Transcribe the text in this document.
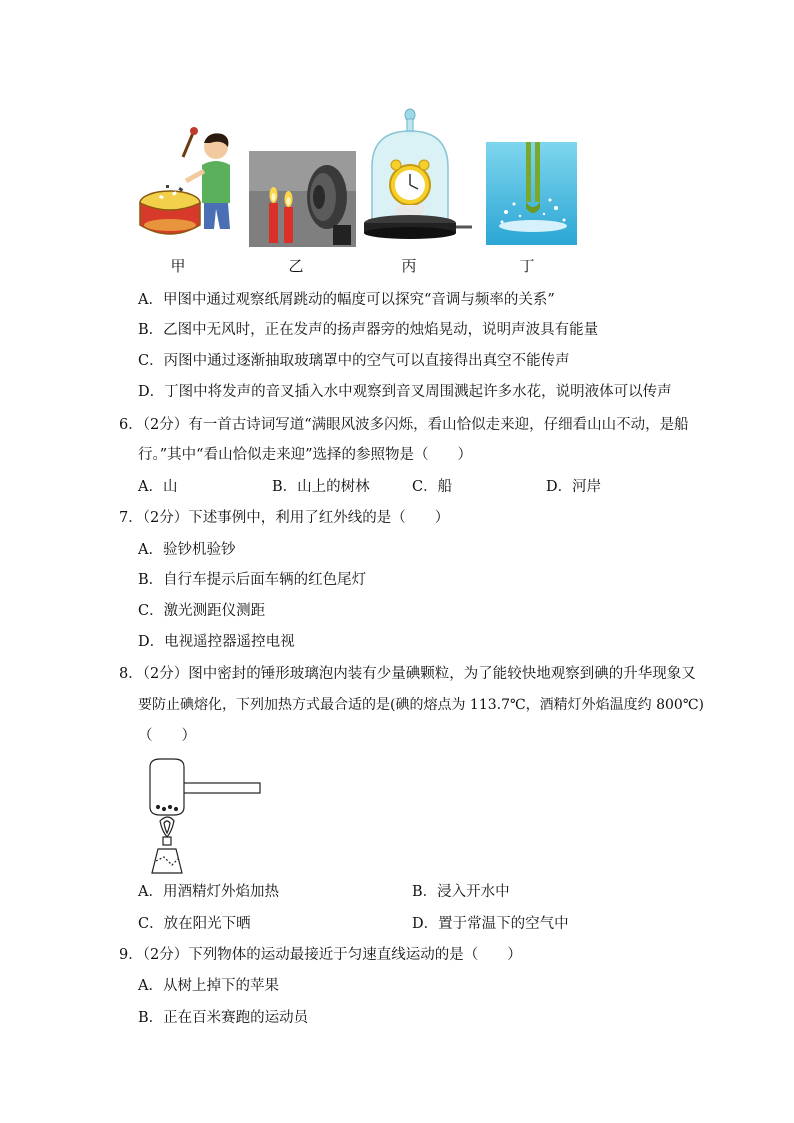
甲	乙	丙	丁
A．甲图中通过观察纸屑跳动的幅度可以探究“音调与频率的关系”
B．乙图中无风时，正在发声的扬声器旁的烛焰晃动，说明声波具有能量
C．丙图中通过逐渐抽取玻璃罩中的空气可以直接得出真空不能传声
D．丁图中将发声的音叉插入水中观察到音叉周围溅起许多水花，说明液体可以传声
6．（2分）有一首古诗词写道“满眼风波多闪烁，看山恰似走来迎，仔细看山山不动，是船
行。”其中“看山恰似走来迎”选择的参照物是（　　）
A．山	B．山上的树林	C．船	D．河岸
7．（2分）下述事例中，利用了红外线的是（　　）
A．验钞机验钞
B．自行车提示后面车辆的红色尾灯
C．激光测距仪测距
D．电视遥控器遥控电视
8．（2分）图中密封的锤形玻璃泡内装有少量碘颗粒，为了能较快地观察到碘的升华现象又
要防止碘熔化，下列加热方式最合适的是(碘的熔点为 113.7℃，酒精灯外焰温度约 800℃)
（　　）
A．用酒精灯外焰加热	B．浸入开水中
C．放在阳光下晒	D．置于常温下的空气中
9．（2分）下列物体的运动最接近于匀速直线运动的是（　　）
A．从树上掉下的苹果
B．正在百米赛跑的运动员
